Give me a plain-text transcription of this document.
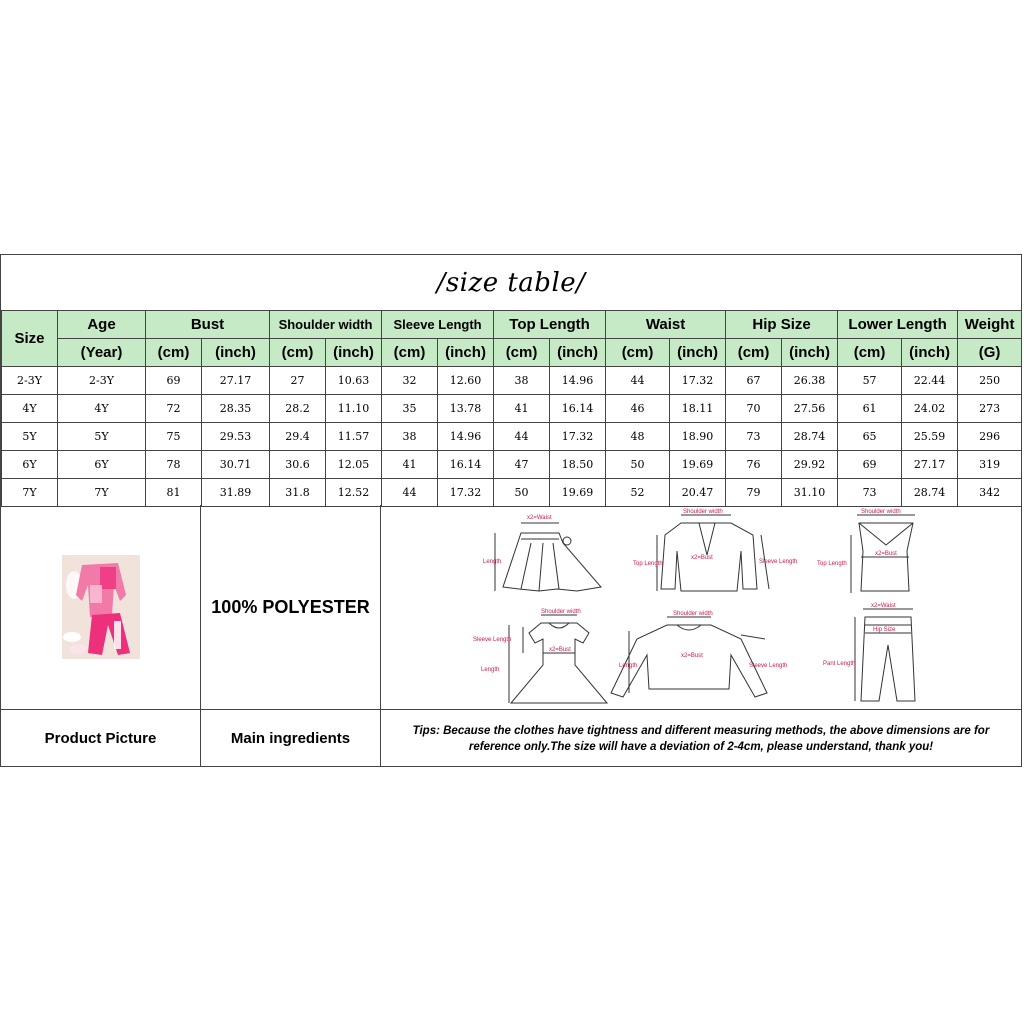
/size table/
Size	Age	Bust		Shoulder width		Sleeve Length		Top Length		Waist		Hip Size		Lower Length		Weight
	(Year)	(cm)	(inch)	(cm)	(inch)	(cm)	(inch)	(cm)	(inch)	(cm)	(inch)	(cm)	(inch)	(cm)	(inch)	(G)
2-3Y	2-3Y	69	27.17	27	10.63	32	12.60	38	14.96	44	17.32	67	26.38	57	22.44	250
4Y	4Y	72	28.35	28.2	11.10	35	13.78	41	16.14	46	18.11	70	27.56	61	24.02	273
5Y	5Y	75	29.53	29.4	11.57	38	14.96	44	17.32	48	18.90	73	28.74	65	25.59	296
6Y	6Y	78	30.71	30.6	12.05	41	16.14	47	18.50	50	19.69	76	29.92	69	27.17	319
7Y	7Y	81	31.89	31.8	12.52	44	17.32	50	19.69	52	20.47	79	31.10	73	28.74	342
100% POLYESTER
x2=Waist
Length
Shoulder width
x2=Bust
Top Length	Sleeve Length
Shoulder width
x2=Bust
Top Length
Shoulder width
x2=Bust
Sleeve Length
Length
Shoulder width
x2=Bust
Length	Sleeve Length
x2=Waist
Hip Size
Pant Length
Product Picture	Main ingredients	Tips: Because the clothes have tightness and different measuring methods, the above dimensions are for reference only.The size will have a deviation of 2-4cm, please understand, thank you!
